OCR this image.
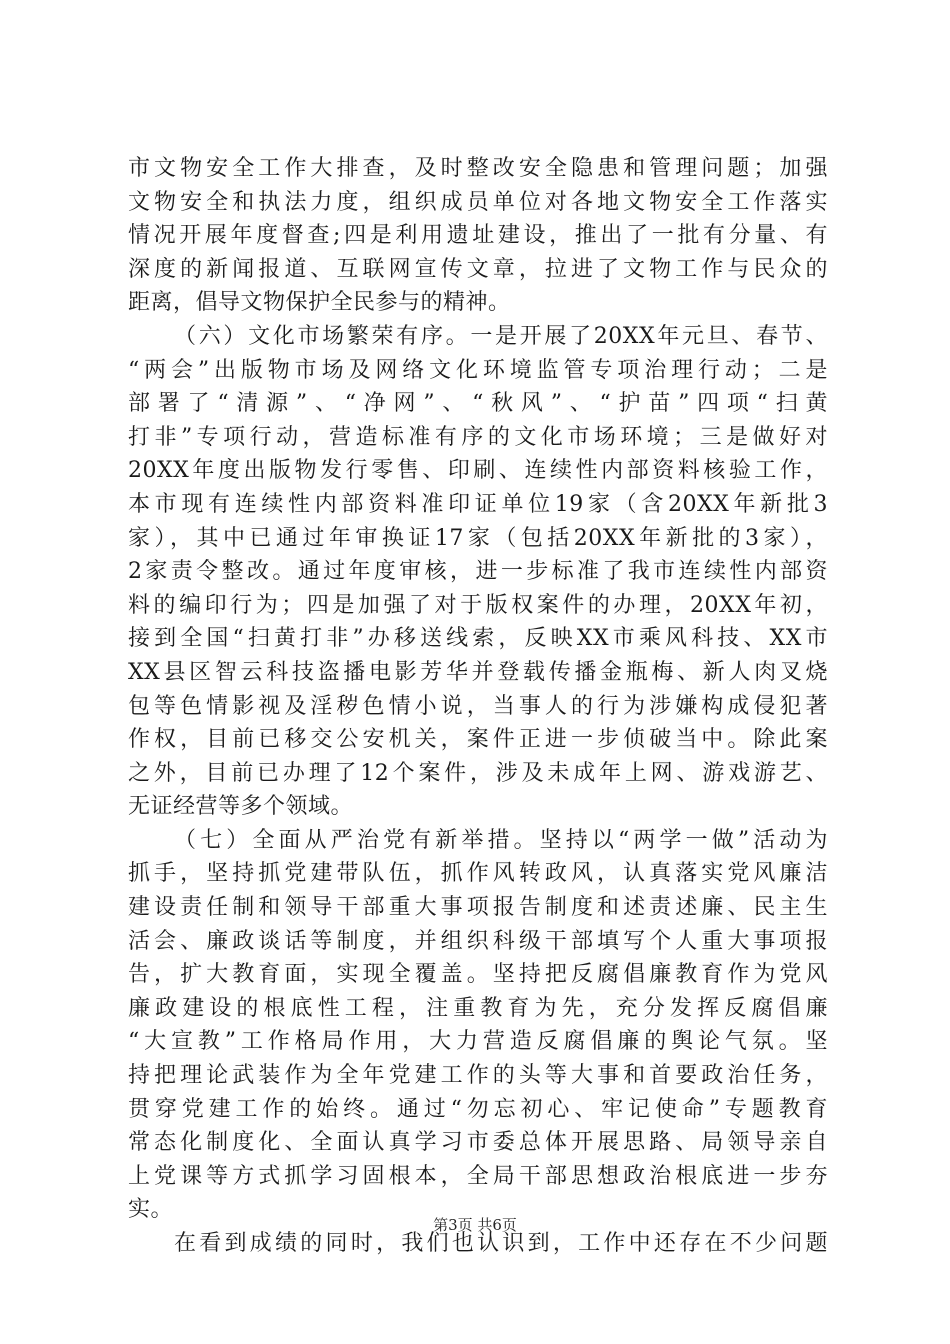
市文物安全工作大排查，及时整改安全隐患和管理问题；加强
文物安全和执法力度，组织成员单位对各地文物安全工作落实
情况开展年度督查;四是利用遗址建设，推出了一批有分量、有
深度的新闻报道、互联网宣传文章，拉进了文物工作与民众的
距离，倡导文物保护全民参与的精神。
（六）文化市场繁荣有序。一是开展了20XX年元旦、春节、
“两会”出版物市场及网络文化环境监管专项治理行动；二是
部署了“清源”、“净网”、“秋风”、“护苗”四项“扫黄
打非”专项行动，营造标准有序的文化市场环境；三是做好对
20XX年度出版物发行零售、印刷、连续性内部资料核验工作，
本市现有连续性内部资料准印证单位19家（含20XX年新批3
家），其中已通过年审换证17家（包括20XX年新批的3家），
2家责令整改。通过年度审核，进一步标准了我市连续性内部资
料的编印行为；四是加强了对于版权案件的办理，20XX年初，
接到全国“扫黄打非”办移送线索，反映XX市乘风科技、XX市
XX县区智云科技盗播电影芳华并登载传播金瓶梅、新人肉叉烧
包等色情影视及淫秽色情小说，当事人的行为涉嫌构成侵犯著
作权，目前已移交公安机关，案件正进一步侦破当中。除此案
之外，目前已办理了12个案件，涉及未成年上网、游戏游艺、
无证经营等多个领域。
（七）全面从严治党有新举措。坚持以“两学一做”活动为
抓手，坚持抓党建带队伍，抓作风转政风，认真落实党风廉洁
建设责任制和领导干部重大事项报告制度和述责述廉、民主生
活会、廉政谈话等制度，并组织科级干部填写个人重大事项报
告，扩大教育面，实现全覆盖。坚持把反腐倡廉教育作为党风
廉政建设的根底性工程，注重教育为先，充分发挥反腐倡廉
“大宣教”工作格局作用，大力营造反腐倡廉的舆论气氛。坚
持把理论武装作为全年党建工作的头等大事和首要政治任务，
贯穿党建工作的始终。通过“勿忘初心、牢记使命”专题教育
常态化制度化、全面认真学习市委总体开展思路、局领导亲自
上党课等方式抓学习固根本，全局干部思想政治根底进一步夯
实。
在看到成绩的同时，我们也认识到，工作中还存在不少问题
第3页 共6页
